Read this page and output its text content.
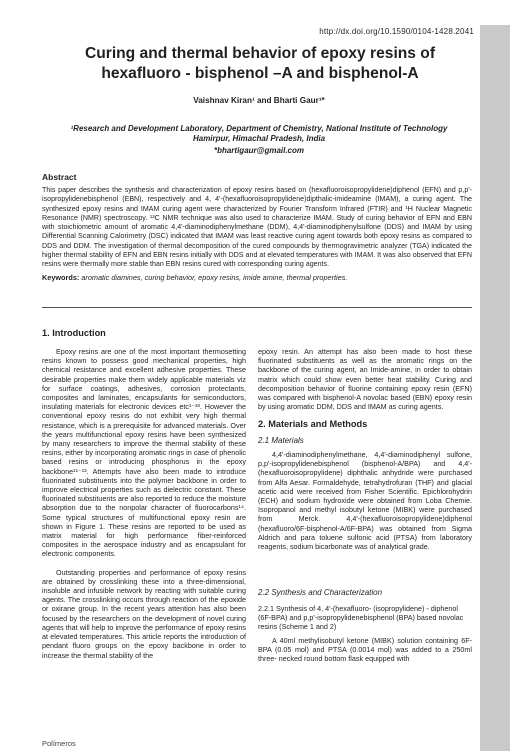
http://dx.doi.org/10.1590/0104-1428.2041
Curing and thermal behavior of epoxy resins of hexafluoro - bisphenol –A and bisphenol-A
Vaishnav Kiran¹ and Bharti Gaur¹*
¹Research and Development Laboratory, Department of Chemistry, National Institute of Technology
Hamirpur, Himachal Pradesh, India
*bhartigaur@gmail.com
Abstract
This paper describes the synthesis and characterization of epoxy resins based on (hexafluoroisopropylidene)diphenol (EFN) and p,p'-isopropylidenebisphenol (EBN), respectively and 4, 4'-(hexafluoroisopropylidene)dipthalic-imideamine (IMAM), a curing agent. The synthesized epoxy resins and IMAM curing agent were characterized by Fourier Transform Infrared (FTIR) and ¹H Nuclear Magnetic Resonance (NMR) spectroscopy. ¹³C NMR technique was also used to characterize IMAM. Study of curing behavior of EFN and EBN with stoichiometric amount of aromatic 4,4'-diaminodiphenylmethane (DDM), 4,4'-diaminodiphenylsulfone (DDS) and IMAM by using Differential Scanning Calorimetry (DSC) indicated that IMAM was least reactive curing agent towards both epoxy resins as compared to DDS and DDM. The investigation of thermal decomposition of the cured compounds by thermogravimetric analyzer (TGA) indicated the higher thermal stability of EFN and EBN resins initially with DDS and at elevated temperatures with IMAM. It was also observed that EFN resins were thermally more stable than EBN resins cured with corresponding curing agents.
Keywords: aromatic diamines, curing behavior, epoxy resins, imide amine, thermal properties.
1. Introduction

Epoxy resins are one of the most important thermosetting resins known to possess good mechanical properties, high chemical resistance and excellent adhesive properties. These desirable properties make them widely applicable materials viz for surface coatings, adhesives, corrosion protectants, composites and laminates, encapsulants for semiconductors, insulating materials for electronic devices etc¹⁻³³. However the conventional epoxy resins do not exhibit very high thermal resistance, which is a prerequisite for advanced materials. Over the years multifunctional epoxy resins have been synthesized by many researchers to improve the thermal stability of these resins, either by incorporating aromatic rings in case of phenolic based resins or introducing phosphorus in the epoxy backbone¹¹⁻¹³. Attempts have also been made to introduce fluorinated substituents into the polymer backbone in order to improve electrical properties such as dielectric constant. These fluorinated substituents are also reported to reduce the moisture absorption due to the nonpolar character of fluorocarbons¹⁴. Some typical structures of multifunctional epoxy resin are shown in Figure 1. These resins are reported to be used as matrix material for high performance fiber-reinforced composites in the aerospace industry and as encapsulant for electronic components.

Outstanding properties and performance of epoxy resins are obtained by crosslinking these into a three-dimensional, insoluble and infusible network by reacting with suitable curing agents. The crosslinking occurs through reaction of the epoxide or oxirane group. In the recent years attention has also been focused by the researchers on the development of novel curing agents that will help to improve the performance of epoxy resins at elevated temperatures. This article reports the introduction of pendant fluoro groups on the epoxy backbone in order to increase the thermal stability of the

epoxy resin. An attempt has also been made to host these fluorinated substituents as well as the aromatic rings on the backbone of the curing agent, an Imide-amine, in order to obtain matrix which could show even better heat stability. Curing and decomposition behavior of fluorine containing epoxy resin (EFN) was compared with bisphenol-A novolac based (EBN) epoxy resin by using aromatic DDM, DDS and IMAM as curing agents.
2. Materials and Methods
2.1 Materials
4,4'-diaminodiphenylmethane, 4,4'-diaminodiphenyl sulfone, p,p'-isopropylidenebisphenol (bisphenol-A/BPA) and 4,4'-(hexafluoroisopropylidene) diphthalic anhydride were purchased from Alfa Aesar. Formaldehyde, tetrahydrofuran (THF) and glacial acetic acid were received from Fisher Scientific. Epichlorohydrin (ECH) and sodium hydroxide were obtained from Loba Chemie. Isopropanol and methyl isobutyl ketone (MIBK) were purchased from Merck. 4,4'-(hexafluoroisopropylidene)diphenol (hexafluoro/6F-bisphenol-A/6F-BPA) was obtained from Sigma Aldrich and para toluene sulfonic acid (PTSA) from laboratory reagents, sodium bicarbonate was of analytical grade.
2.2 Synthesis and Characterization
2.2.1 Synthesis of 4, 4'-(hexafluoro- (isopropylidene) - diphenol (6F-BPA) and p,p'-isopropylidenebisphenol (BPA) based novolac resins (Scheme 1 and 2)
A 40ml methylisobutyl ketone (MIBK) solution containing 6F-BPA (0.05 mol) and PTSA (0.0014 mol) was added to a 250ml three- necked round bottom flask equipped with
Polímeros
